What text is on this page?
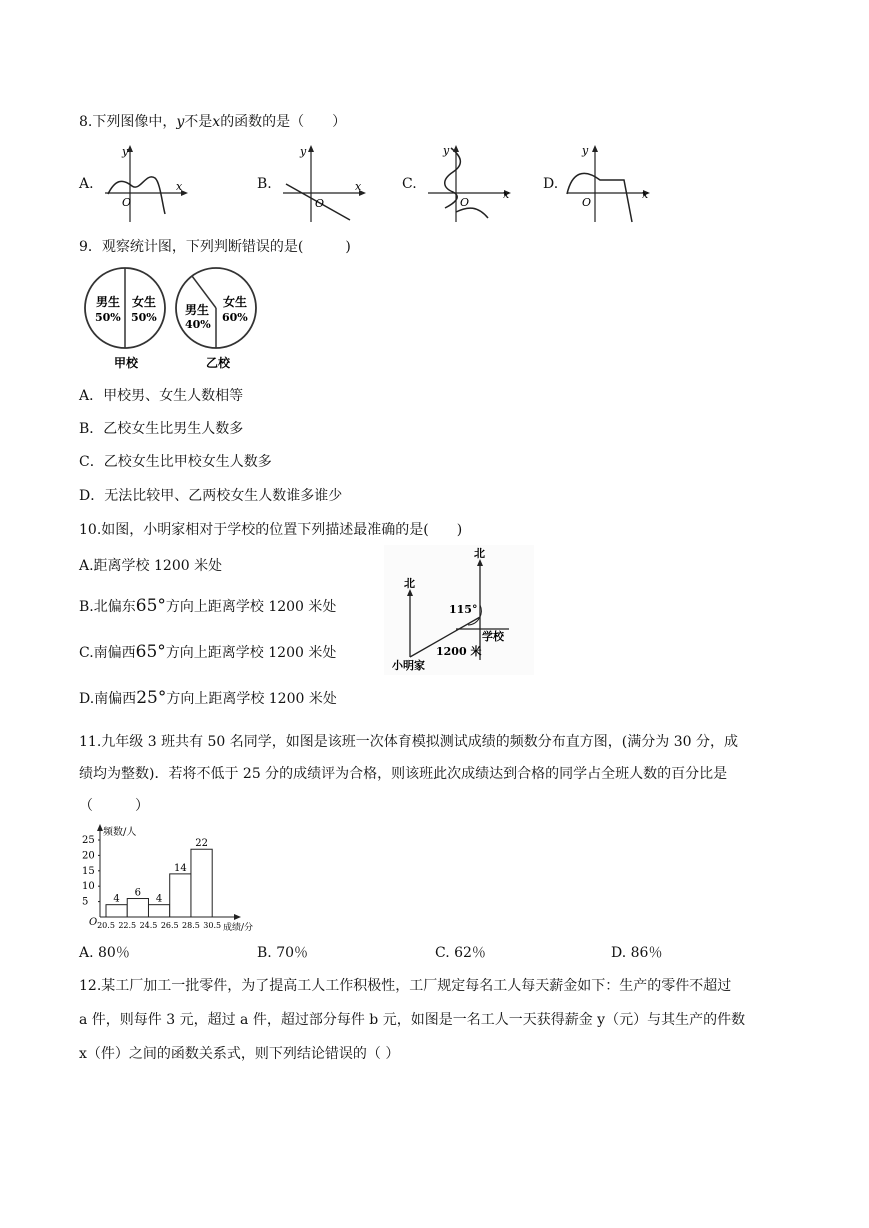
8.下列图像中，y不是x的函数的是（　　）
A.	B.	C.	D.
y
x
O
y
x
O
y
x
O
y
x
O
9．观察统计图，下列判断错误的是(　　　)
男生
50%
女生
50%
甲校
男生
40%
女生
60%
乙校
A．甲校男、女生人数相等
B．乙校女生比男生人数多
C．乙校女生比甲校女生人数多
D．无法比较甲、乙两校女生人数谁多谁少
10.如图，小明家相对于学校的位置下列描述最准确的是(　　)
A.距离学校 1200 米处
B.北偏东65°方向上距离学校 1200 米处
C.南偏西65°方向上距离学校 1200 米处
D.南偏西25°方向上距离学校 1200 米处
北
北
115°
学校
1200 米
小明家
11.九年级 3 班共有 50 名同学，如图是该班一次体育模拟测试成绩的频数分布直方图，(满分为 30 分，成
绩均为整数)．若将不低于 25 分的成绩评为合格，则该班此次成绩达到合格的同学占全班人数的百分比是
（　　　）
频数/人
成绩/分
O
5
10
15
20
25
4
6
4
14
22
20.5 22.5 24.5 26.5 28.5 30.5
A. 80％	B. 70％	C. 62％	D. 86％
12.某工厂加工一批零件，为了提高工人工作积极性，工厂规定每名工人每天薪金如下：生产的零件不超过
a 件，则每件 3 元，超过 a 件，超过部分每件 b 元，如图是一名工人一天获得薪金 y（元）与其生产的件数
x（件）之间的函数关系式，则下列结论错误的（ ）
